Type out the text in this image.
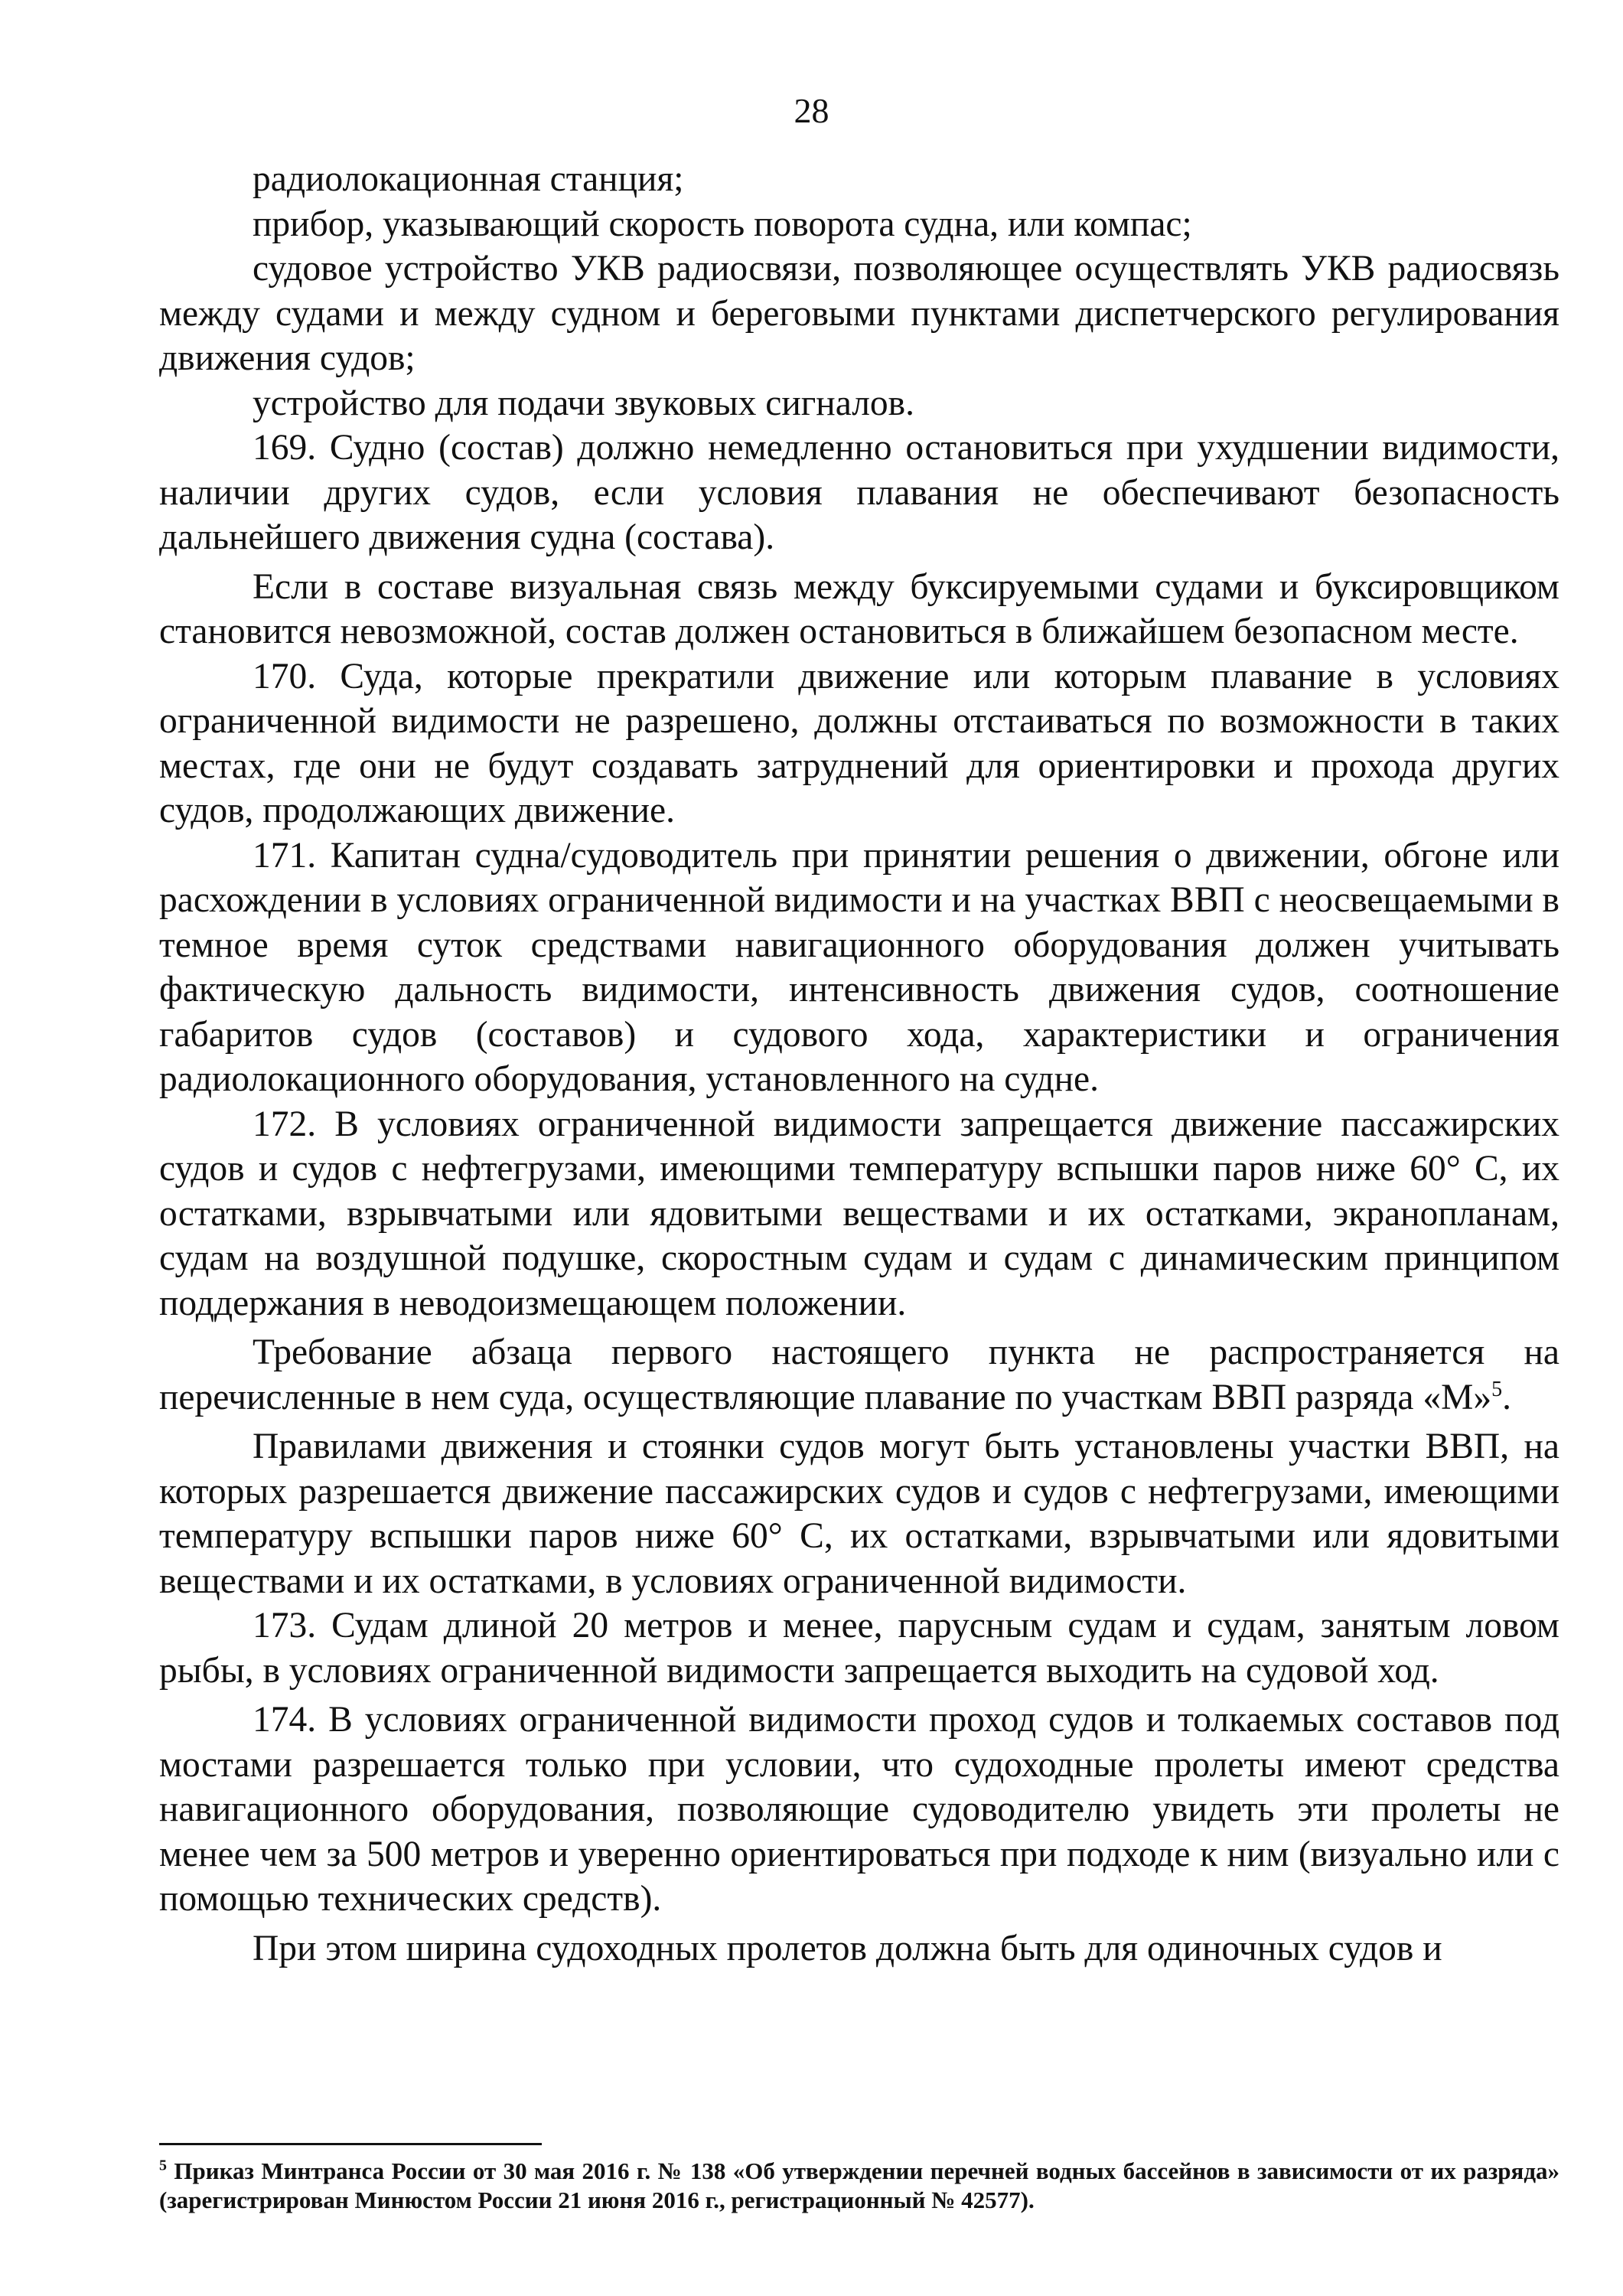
28

радиолокационная станция;

прибор, указывающий скорость поворота судна, или компас;

судовое устройство УКВ радиосвязи, позволяющее осуществлять УКВ радиосвязь между судами и между судном и береговыми пунктами диспетчерского регулирования движения судов;

устройство для подачи звуковых сигналов.

169. Судно (состав) должно немедленно остановиться при ухудшении видимости, наличии других судов, если условия плавания не обеспечивают безопасность дальнейшего движения судна (состава).

Если в составе визуальная связь между буксируемыми судами и буксировщиком становится невозможной, состав должен остановиться в ближайшем безопасном месте.

170. Суда, которые прекратили движение или которым плавание в условиях ограниченной видимости не разрешено, должны отстаиваться по возможности в таких местах, где они не будут создавать затруднений для ориентировки и прохода других судов, продолжающих движение.

171. Капитан судна/судоводитель при принятии решения о движении, обгоне или расхождении в условиях ограниченной видимости и на участках ВВП с неосвещаемыми в темное время суток средствами навигационного оборудования должен учитывать фактическую дальность видимости, интенсивность движения судов, соотношение габаритов судов (составов) и судового хода, характеристики и ограничения радиолокационного оборудования, установленного на судне.

172. В условиях ограниченной видимости запрещается движение пассажирских судов и судов с нефтегрузами, имеющими температуру вспышки паров ниже 60° С, их остатками, взрывчатыми или ядовитыми веществами и их остатками, экранопланам, судам на воздушной подушке, скоростным судам и судам с динамическим принципом поддержания в неводоизмещающем положении.

Требование абзаца первого настоящего пункта не распространяется на перечисленные в нем суда, осуществляющие плавание по участкам ВВП разряда «М»$^5$.

Правилами движения и стоянки судов могут быть установлены участки ВВП, на которых разрешается движение пассажирских судов и судов с нефтегрузами, имеющими температуру вспышки паров ниже 60° С, их остатками, взрывчатыми или ядовитыми веществами и их остатками, в условиях ограниченной видимости.

173. Судам длиной 20 метров и менее, парусным судам и судам, занятым ловом рыбы, в условиях ограниченной видимости запрещается выходить на судовой ход.

174. В условиях ограниченной видимости проход судов и толкаемых составов под мостами разрешается только при условии, что судоходные пролеты имеют средства навигационного оборудования, позволяющие судоводителю увидеть эти пролеты не менее чем за 500 метров и уверенно ориентироваться при подходе к ним (визуально или с помощью технических средств).

При этом ширина судоходных пролетов должна быть для одиночных судов и

$^5$ Приказ Минтранса России от 30 мая 2016 г. № 138 «Об утверждении перечней водных бассейнов в зависимости от их разряда» (зарегистрирован Минюстом России 21 июня 2016 г., регистрационный № 42577).
